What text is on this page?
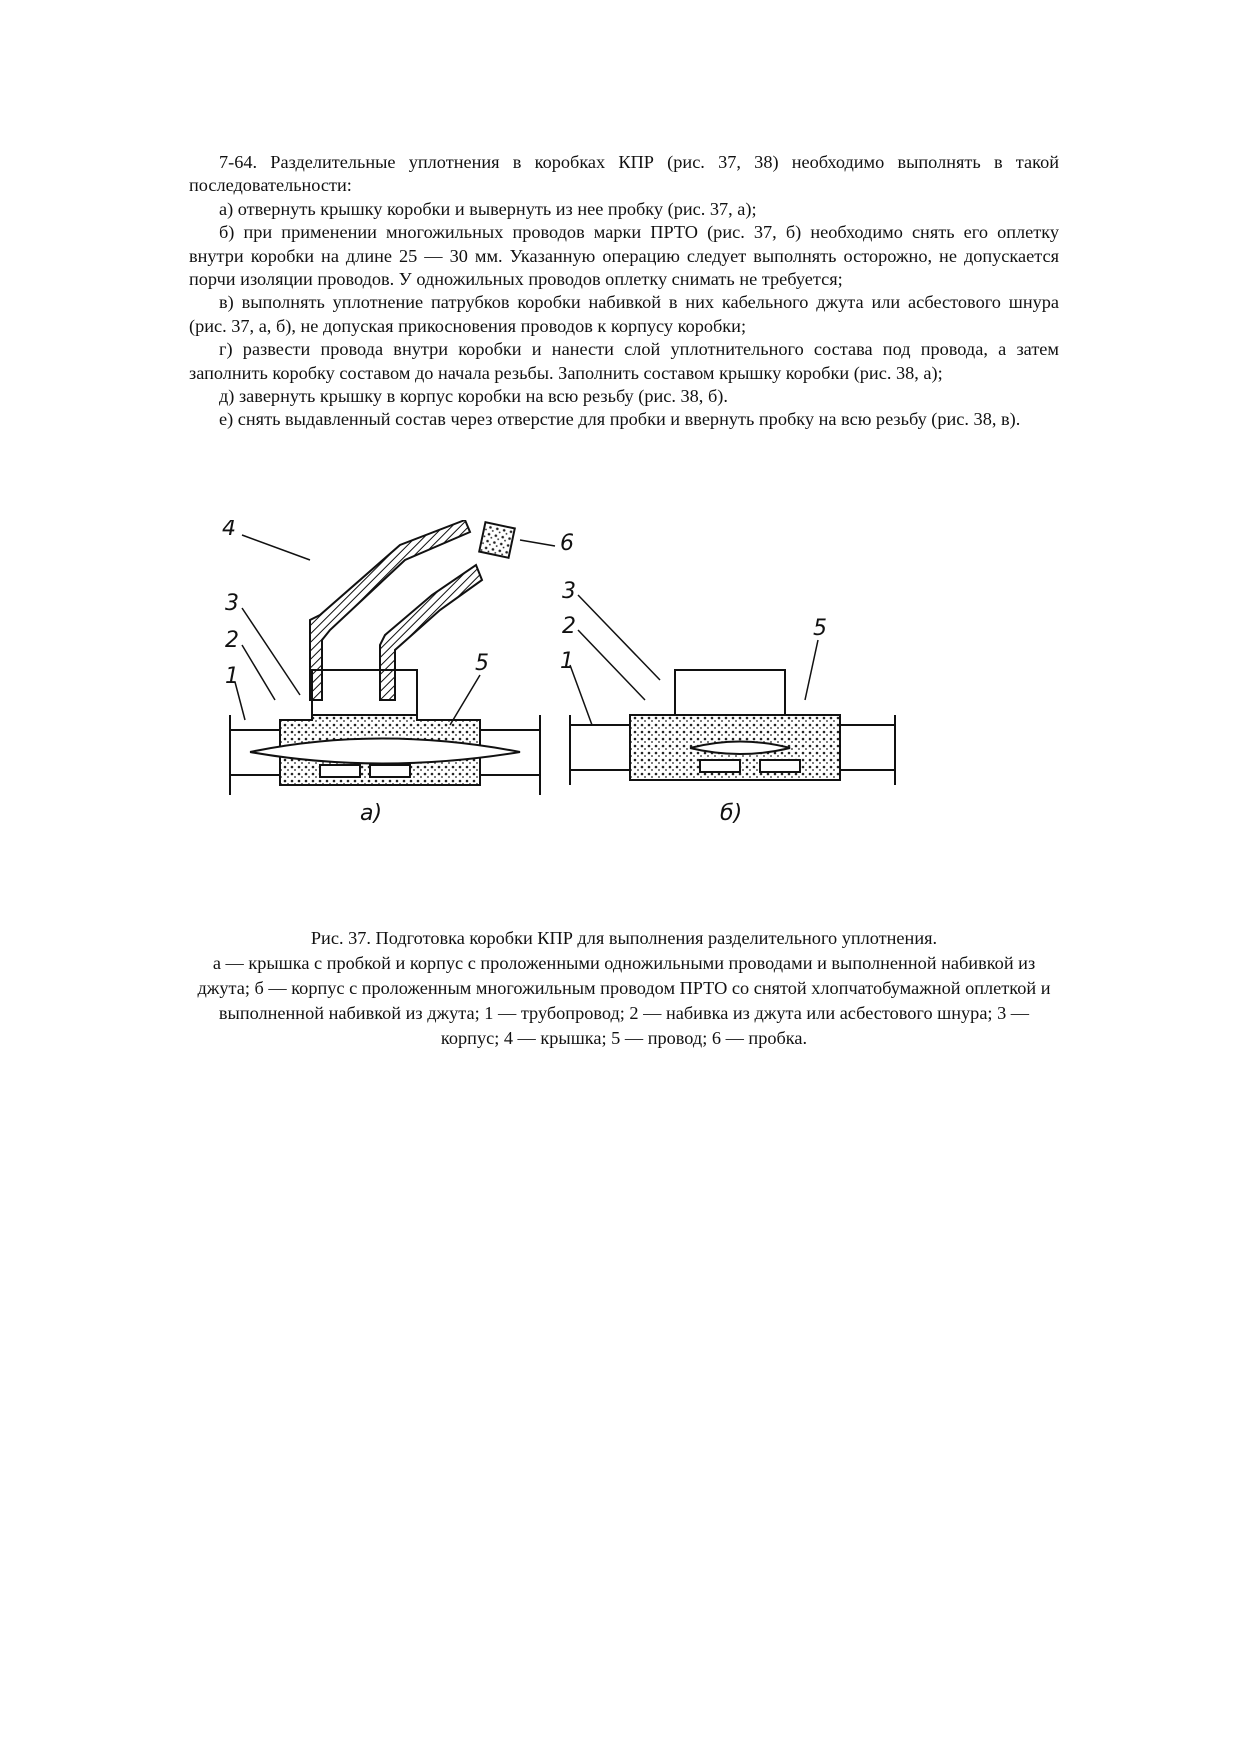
7-64. Разделительные уплотнения в коробках КПР (рис. 37, 38) необходимо выполнять в такой последовательности:

а) отвернуть крышку коробки и вывернуть из нее пробку (рис. 37, а);

б) при применении многожильных проводов марки ПРТО (рис. 37, б) необходимо снять его оплетку внутри коробки на длине 25 — 30 мм. Указанную операцию следует выполнять осторожно, не допускается порчи изоляции проводов. У одножильных проводов оплетку снимать не требуется;

в) выполнять уплотнение патрубков коробки набивкой в них кабельного джута или асбестового шнура (рис. 37, а, б), не допуская прикосновения проводов к корпусу коробки;

г) развести провода внутри коробки и нанести слой уплотнительного состава под провода, а затем заполнить коробку составом до начала резьбы. Заполнить составом крышку коробки (рис. 38, а);

д) завернуть крышку в корпус коробки на всю резьбу (рис. 38, б).

е) снять выдавленный состав через отверстие для пробки и ввернуть пробку на всю резьбу (рис. 38, в).

4
6
3
2
1
5
3
2
1
5
а)	б)

Рис. 37. Подготовка коробки КПР для выполнения разделительного уплотнения.

а — крышка с пробкой и корпус с проложенными одножильными проводами и выполненной набивкой из джута; б — корпус с проложенным многожильным проводом ПРТО со снятой хлопчатобумажной оплеткой и выполненной набивкой из джута; 1 — трубопровод; 2 — набивка из джута или асбестового шнура; 3 — корпус; 4 — крышка; 5 — провод; 6 — пробка.
